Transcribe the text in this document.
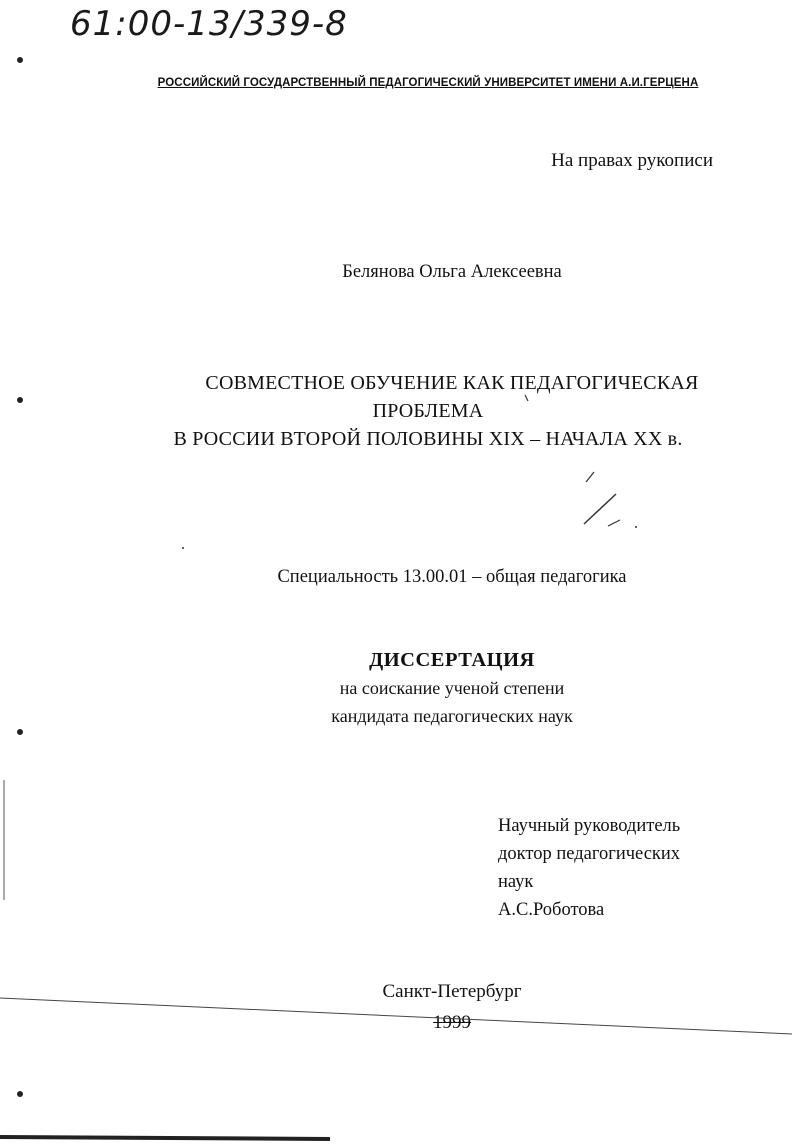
61:00-13/339-8
РОССИЙСКИЙ ГОСУДАРСТВЕННЫЙ ПЕДАГОГИЧЕСКИЙ УНИВЕРСИТЕТ ИМЕНИ А.И.ГЕРЦЕНА
На правах рукописи
Белянова Ольга Алексеевна
СОВМЕСТНОЕ ОБУЧЕНИЕ КАК ПЕДАГОГИЧЕСКАЯ
ПРОБЛЕМА
В РОССИИ ВТОРОЙ ПОЛОВИНЫ XIX – НАЧАЛА XX в.
Специальность 13.00.01 – общая педагогика
ДИССЕРТАЦИЯ
на соискание ученой степени
кандидата педагогических наук
Научный руководитель
доктор педагогических
наук
А.С.Роботова
Санкт-Петербург
1999
